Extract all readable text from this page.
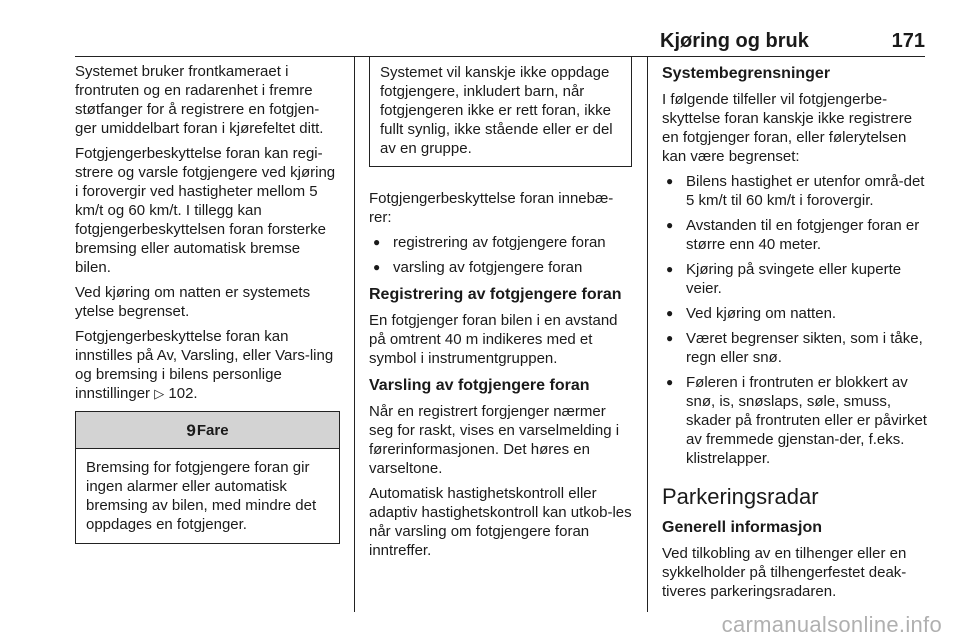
Kjøring og bruk	171

Systemet bruker frontkameraet i frontruten og en radarenhet i fremre støtfanger for å registrere en fotgjen-ger umiddelbart foran i kjørefeltet ditt.

Fotgjengerbeskyttelse foran kan regi-strere og varsle fotgjengere ved kjøring i forovergir ved hastigheter mellom 5 km/t og 60 km/t. I tillegg kan fotgjengerbeskyttelsen foran forsterke bremsing eller automatisk bremse bilen.

Ved kjøring om natten er systemets ytelse begrenset.

Fotgjengerbeskyttelse foran kan innstilles på Av, Varsling, eller Vars-ling og bremsing i bilens personlige innstillinger ▷ 102.

9 Fare
Bremsing for fotgjengere foran gir ingen alarmer eller automatisk bremsing av bilen, med mindre det oppdages en fotgjenger.
Systemet vil kanskje ikke oppdage fotgjengere, inkludert barn, når fotgjengeren ikke er rett foran, ikke fullt synlig, ikke stående eller er del av en gruppe.

Fotgjengerbeskyttelse foran innebæ-rer:

● registrering av fotgjengere foran
● varsling av fotgjengere foran
Registrering av fotgjengere foran

En fotgjenger foran bilen i en avstand på omtrent 40 m indikeres med et symbol i instrumentgruppen.

Varsling av fotgjengere foran

Når en registrert forgjenger nærmer seg for raskt, vises en varselmelding i førerinformasjonen. Det høres en varseltone.

Automatisk hastighetskontroll eller adaptiv hastighetskontroll kan utkob-les når varsling om fotgjengere foran inntreffer.

Systembegrensninger

I følgende tilfeller vil fotgjengerbe-skyttelse foran kanskje ikke registrere en fotgjenger foran, eller følerytelsen kan være begrenset:

● Bilens hastighet er utenfor områ-det 5 km/t til 60 km/t i forovergir.
● Avstanden til en fotgjenger foran er større enn 40 meter.
● Kjøring på svingete eller kuperte veier.
● Ved kjøring om natten.
● Været begrenser sikten, som i tåke, regn eller snø.
● Føleren i frontruten er blokkert av snø, is, snøslaps, søle, smuss, skader på frontruten eller er påvirket av fremmede gjenstan-der, f.eks. klistrelapper.
Parkeringsradar
Generell informasjon

Ved tilkobling av en tilhenger eller en sykkelholder på tilhengerfestet deak-tiveres parkeringsradaren.

carmanualsonline.info
